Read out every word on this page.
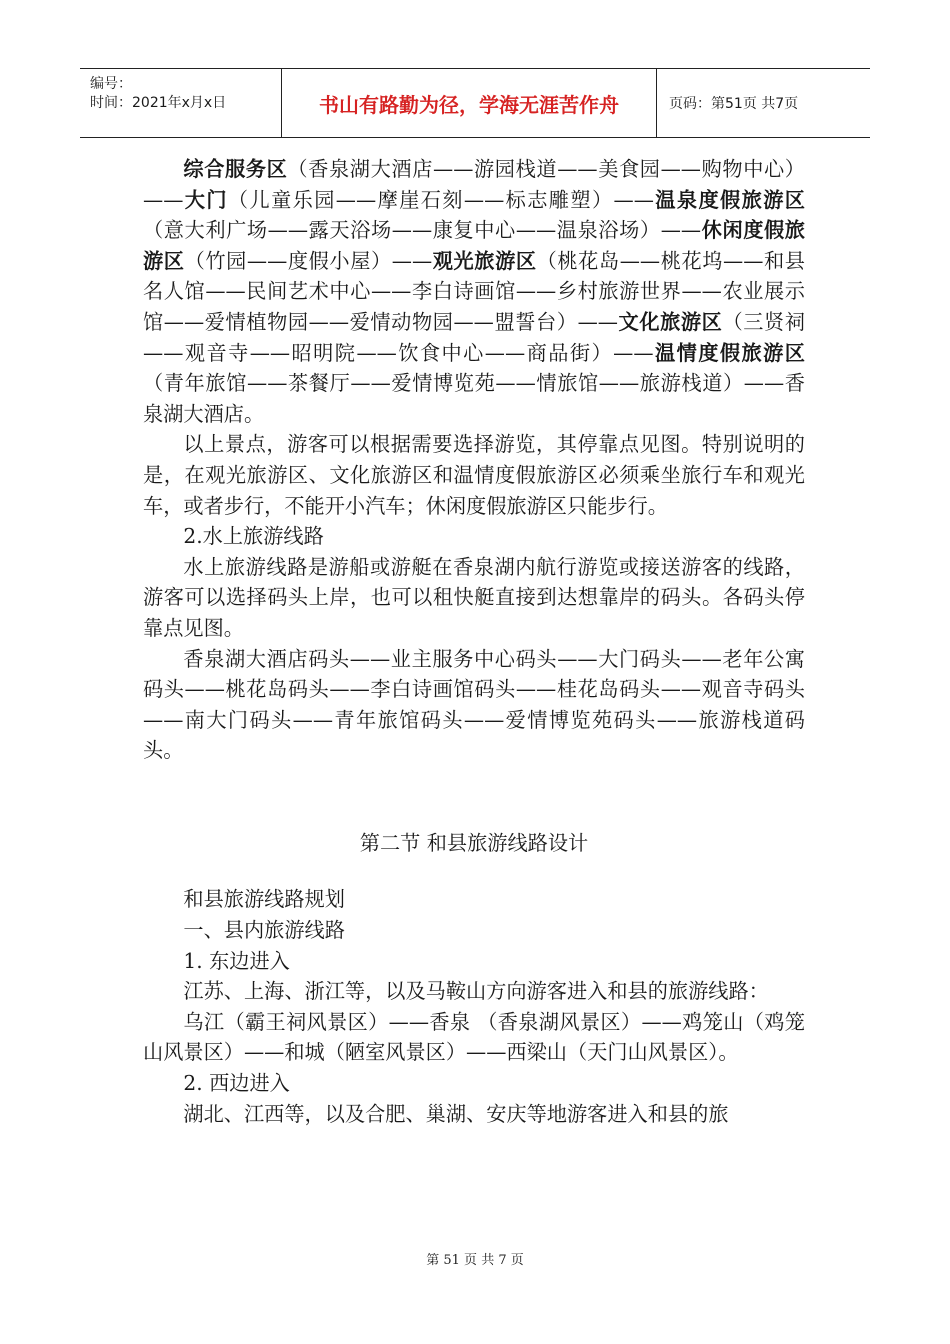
编号：
时间：2021年x月x日	书山有路勤为径，学海无涯苦作舟	页码：第51页 共7页

综合服务区（香泉湖大酒店——游园栈道——美食园——购物中心）——大门（儿童乐园——摩崖石刻——标志雕塑）——温泉度假旅游区（意大利广场——露天浴场——康复中心——温泉浴场）——休闲度假旅游区（竹园——度假小屋）——观光旅游区（桃花岛——桃花坞——和县名人馆——民间艺术中心——李白诗画馆——乡村旅游世界——农业展示馆——爱情植物园——爱情动物园——盟誓台）——文化旅游区（三贤祠——观音寺——昭明院——饮食中心——商品街）——温情度假旅游区（青年旅馆——茶餐厅——爱情博览苑——情旅馆——旅游栈道）——香泉湖大酒店。

以上景点，游客可以根据需要选择游览，其停靠点见图。特别说明的是，在观光旅游区、文化旅游区和温情度假旅游区必须乘坐旅行车和观光车，或者步行，不能开小汽车；休闲度假旅游区只能步行。

2.水上旅游线路

水上旅游线路是游船或游艇在香泉湖内航行游览或接送游客的线路，游客可以选择码头上岸，也可以租快艇直接到达想靠岸的码头。各码头停靠点见图。

香泉湖大酒店码头——业主服务中心码头——大门码头——老年公寓码头——桃花岛码头——李白诗画馆码头——桂花岛码头——观音寺码头——南大门码头——青年旅馆码头——爱情博览苑码头——旅游栈道码头。

第二节 和县旅游线路设计

和县旅游线路规划

一、县内旅游线路

1. 东边进入

江苏、上海、浙江等，以及马鞍山方向游客进入和县的旅游线路：

乌江（霸王祠风景区）——香泉 （香泉湖风景区）——鸡笼山（鸡笼山风景区）——和城（陋室风景区）——西梁山（天门山风景区）。

2. 西边进入

湖北、江西等，以及合肥、巢湖、安庆等地游客进入和县的旅

第 51 页 共 7 页
